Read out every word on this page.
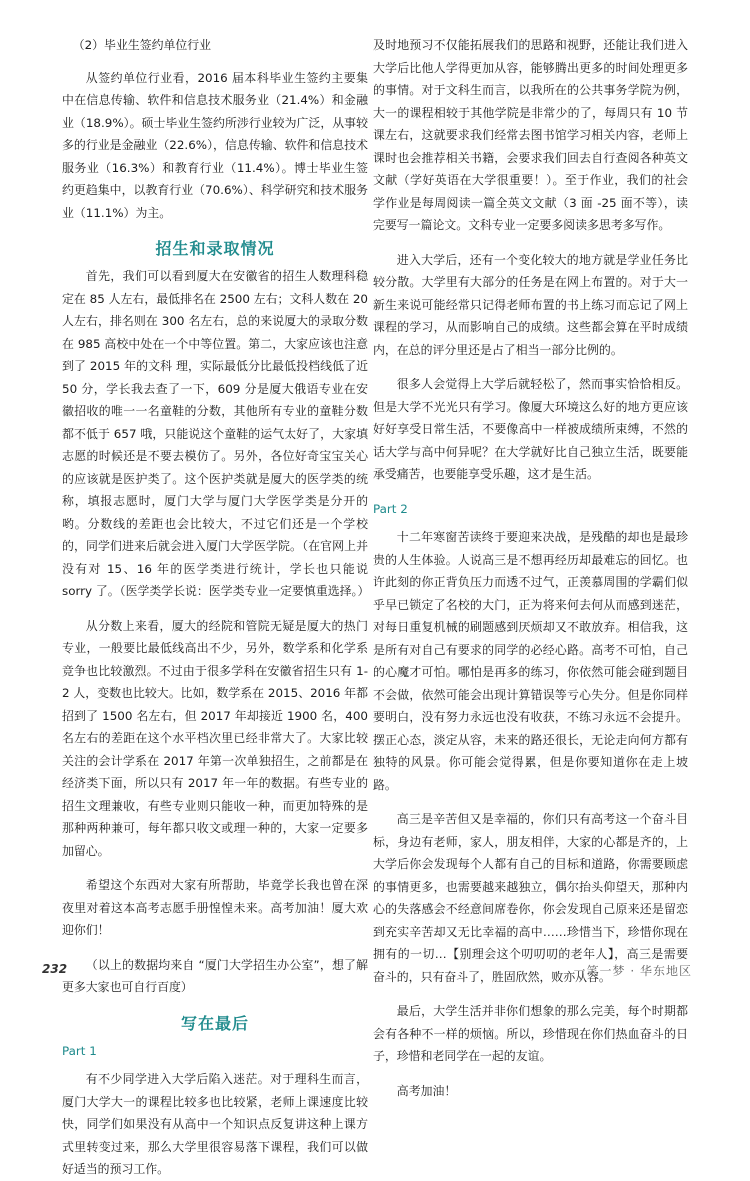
（2）毕业生签约单位行业

从签约单位行业看，2016 届本科毕业生签约主要集中在信息传输、软件和信息技术服务业（21.4%）和金融业（18.9%）。硕士毕业生签约所涉行业较为广泛，从事较多的行业是金融业（22.6%），信息传输、软件和信息技术服务业（16.3%）和教育行业（11.4%）。博士毕业生签约更趋集中，以教育行业（70.6%）、科学研究和技术服务业（11.1%）为主。

招生和录取情况

首先，我们可以看到厦大在安徽省的招生人数理科稳定在 85 人左右，最低排名在 2500 左右；文科人数在 20 人左右，排名则在 300 名左右，总的来说厦大的录取分数在 985 高校中处在一个中等位置。第二，大家应该也注意到了 2015 年的文科 理，实际最低分比最低投档线低了近 50 分，学长我去查了一下，609 分是厦大俄语专业在安徽招收的唯一一名童鞋的分数，其他所有专业的童鞋分数都不低于 657 哦，只能说这个童鞋的运气太好了，大家填志愿的时候还是不要去模仿了。另外，各位好奇宝宝关心的应该就是医护类了。这个医护类就是厦大的医学类的统称，填报志愿时，厦门大学与厦门大学医学类是分开的哟。分数线的差距也会比较大，不过它们还是一个学校的，同学们进来后就会进入厦门大学医学院。（在官网上并没有对 15、16 年的医学类进行统计，学长也只能说 sorry 了。（医学类学长说：医学类专业一定要慎重选择。）

从分数上来看，厦大的经院和管院无疑是厦大的热门专业，一般要比最低线高出不少，另外，数学系和化学系竞争也比较激烈。不过由于很多学科在安徽省招生只有 1-2 人，变数也比较大。比如，数学系在 2015、2016 年都招到了 1500 名左右，但 2017 年却接近 1900 名，400 名左右的差距在这个水平档次里已经非常大了。大家比较关注的会计学系在 2017 年第一次单独招生，之前都是在经济类下面，所以只有 2017 年一年的数据。有些专业的招生文理兼收，有些专业则只能收一种，而更加特殊的是那种两种兼可，每年都只收文或理一种的，大家一定要多加留心。

希望这个东西对大家有所帮助，毕竟学长我也曾在深夜里对着这本高考志愿手册惶惶未来。高考加油！厦大欢迎你们！

（以上的数据均来自 “厦门大学招生办公室”，想了解更多大家也可自行百度）

写在最后

Part 1

有不少同学进入大学后陷入迷茫。对于理科生而言，厦门大学大一的课程比较多也比较紧，老师上课速度比较快，同学们如果没有从高中一个知识点反复讲这种上课方式里转变过来，那么大学里很容易落下课程，我们可以做好适当的预习工作。

及时地预习不仅能拓展我们的思路和视野，还能让我们进入大学后比他人学得更加从容，能够腾出更多的时间处理更多的事情。对于文科生而言，以我所在的公共事务学院为例，大一的课程相较于其他学院是非常少的了，每周只有 10 节课左右，这就要求我们经常去图书馆学习相关内容，老师上课时也会推荐相关书籍，会要求我们回去自行查阅各种英文文献（学好英语在大学很重要！）。至于作业，我们的社会学作业是每周阅读一篇全英文文献（3 面 -25 面不等），读完要写一篇论文。文科专业一定要多阅读多思考多写作。

进入大学后，还有一个变化较大的地方就是学业任务比较分散。大学里有大部分的任务是在网上布置的。对于大一新生来说可能经常只记得老师布置的书上练习而忘记了网上课程的学习，从而影响自己的成绩。这些都会算在平时成绩内，在总的评分里还是占了相当一部分比例的。

很多人会觉得上大学后就轻松了，然而事实恰恰相反。但是大学不光光只有学习。像厦大环境这么好的地方更应该好好享受日常生活，不要像高中一样被成绩所束缚，不然的话大学与高中何异呢？在大学就好比自己独立生活，既要能承受痛苦，也要能享受乐趣，这才是生活。

Part 2

十二年寒窗苦读终于要迎来决战，是残酷的却也是最珍贵的人生体验。人说高三是不想再经历却最难忘的回忆。也许此刻的你正背负压力而透不过气，正羡慕周围的学霸们似乎早已锁定了名校的大门，正为将来何去何从而感到迷茫，对每日重复机械的刷题感到厌烦却又不敢放弃。相信我，这是所有对自己有要求的同学的必经心路。高考不可怕，自己的心魔才可怕。哪怕是再多的练习，你依然可能会碰到题目不会做，依然可能会出现计算错误等亏心失分。但是你同样要明白，没有努力永远也没有收获，不练习永远不会提升。摆正心态，淡定从容，未来的路还很长，无论走向何方都有独特的风景。你可能会觉得累，但是你要知道你在走上坡路。

高三是辛苦但又是幸福的，你们只有高考这一个奋斗目标，身边有老师，家人，朋友相伴，大家的心都是齐的，上大学后你会发现每个人都有自己的目标和道路，你需要顾虑的事情更多，也需要越来越独立，偶尔抬头仰望天，那种内心的失落感会不经意间席卷你，你会发现自己原来还是留恋到充实辛苦却又无比幸福的高中……珍惜当下，珍惜你现在拥有的一切…【别理会这个叨叨叨的老年人】，高三是需要奋斗的，只有奋斗了，胜固欣然，败亦从容。

最后，大学生活并非你们想象的那么完美，每个时期都会有各种不一样的烦恼。所以，珍惜现在你们热血奋斗的日子，珍惜和老同学在一起的友谊。

高考加油！

232	一笔一梦 · 华东地区
